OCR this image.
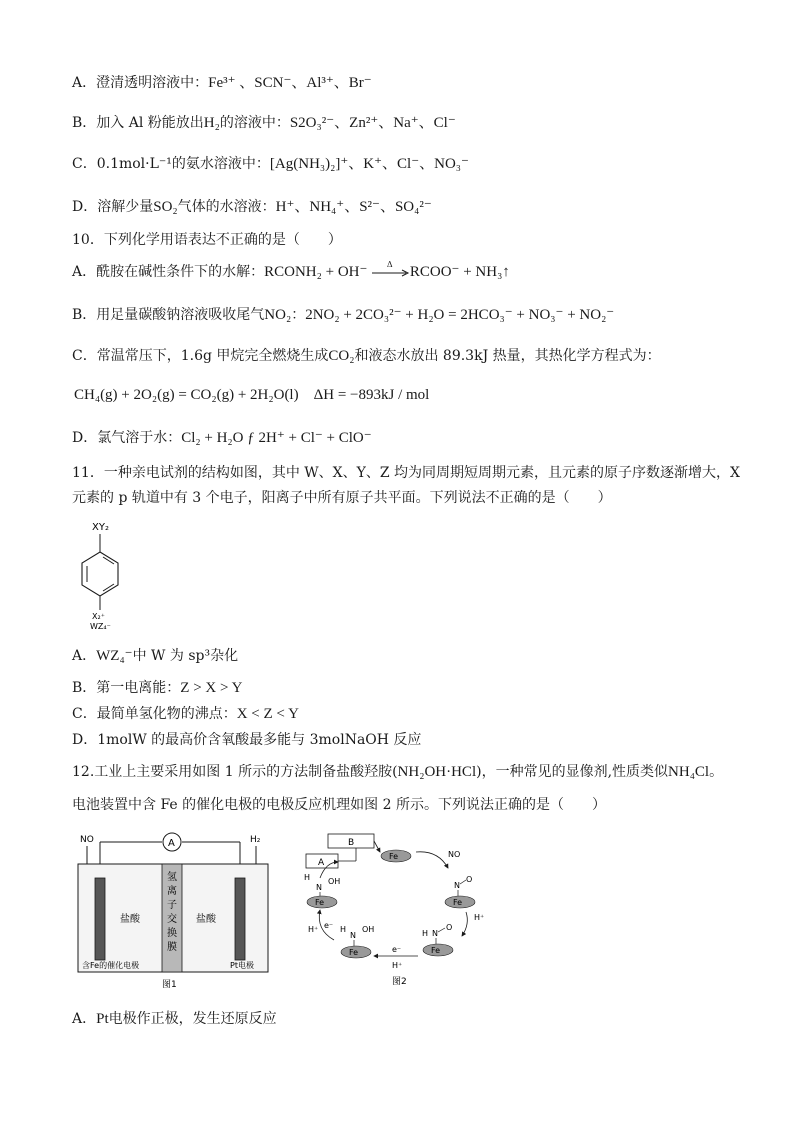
A．澄清透明溶液中：Fe³⁺ 、SCN⁻、Al³⁺、Br⁻
B．加入 Al 粉能放出H₂的溶液中：S2O₃²⁻、Zn²⁺、Na⁺、Cl⁻
C．0.1mol·L⁻¹的氨水溶液中：[Ag(NH₃)₂]⁺、K⁺、Cl⁻、NO₃⁻
D．溶解少量SO₂气体的水溶液：H⁺、NH₄⁺、S²⁻、SO₄²⁻
10．下列化学用语表达不正确的是（　　）
A．酰胺在碱性条件下的水解：RCONH₂ + OH⁻ Δ RCOO⁻ + NH₃↑
B．用足量碳酸钠溶液吸收尾气NO₂：2NO₂ + 2CO₃²⁻ + H₂O = 2HCO₃⁻ + NO₃⁻ + NO₂⁻
C．常温常压下，1.6g 甲烷完全燃烧生成CO₂和液态水放出 89.3kJ 热量，其热化学方程式为：
CH₄(g) + 2O₂(g) = CO₂(g) + 2H₂O(l)　ΔH = −893kJ / mol
D．氯气溶于水：Cl₂ + H₂O ƒ 2H⁺ + Cl⁻ + ClO⁻
11．一种亲电试剂的结构如图，其中 W、X、Y、Z 均为同周期短周期元素，且元素的原子序数逐渐增大，X
元素的 p 轨道中有 3 个电子，阳离子中所有原子共平面。下列说法不正确的是（　　）
XY₂
X₂⁺
WZ₄⁻
A．WZ₄⁻中 W 为 sp³杂化
B．第一电离能：Z > X > Y
C．最简单氢化物的沸点：X < Z < Y
D．1molW 的最高价含氧酸最多能与 3molNaOH 反应
12.工业上主要采用如图 1 所示的方法制备盐酸羟胺(NH₂OH·HCl)，一种常见的显像剂,性质类似NH₄Cl。
电池装置中含 Fe 的催化电极的电极反应机理如图 2 所示。下列说法正确的是（　　）
NO	H₂
A
氢
离
子
交
换
膜
盐酸	盐酸
含Fe的催化电极	Pt电极
图1
B
A
Fe	NO
N
O
Fe
H⁺
H N
O
Fe
e⁻
H⁺
H
N
OH
Fe
H⁺ e⁻
Fe
H
N
OH
图2
A．Pt电极作正极，发生还原反应
